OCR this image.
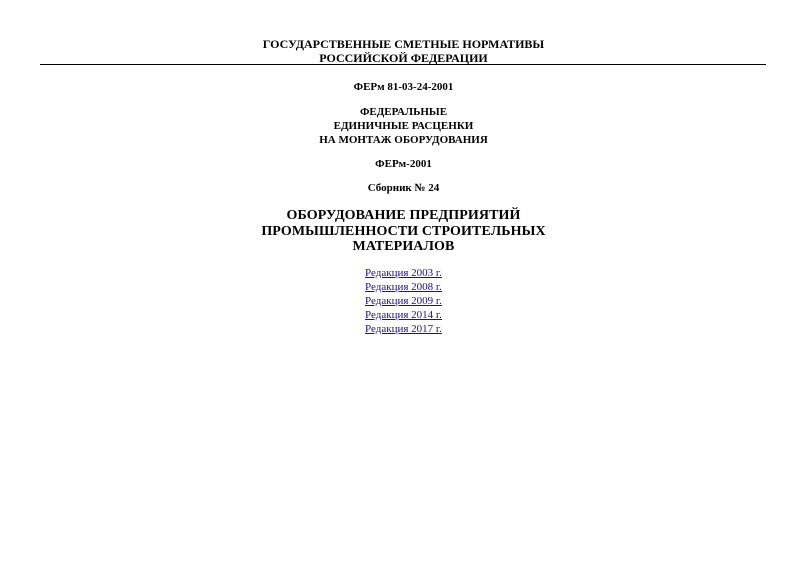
ГОСУДАРСТВЕННЫЕ СМЕТНЫЕ НОРМАТИВЫ
РОССИЙСКОЙ ФЕДЕРАЦИИ
ФЕРм 81-03-24-2001
ФЕДЕРАЛЬНЫЕ
ЕДИНИЧНЫЕ РАСЦЕНКИ
НА МОНТАЖ ОБОРУДОВАНИЯ
ФЕРм-2001
Сборник № 24
ОБОРУДОВАНИЕ ПРЕДПРИЯТИЙ
ПРОМЫШЛЕННОСТИ СТРОИТЕЛЬНЫХ
МАТЕРИАЛОВ
Редакция 2003 г.
Редакция 2008 г.
Редакция 2009 г.
Редакция 2014 г.
Редакция 2017 г.
